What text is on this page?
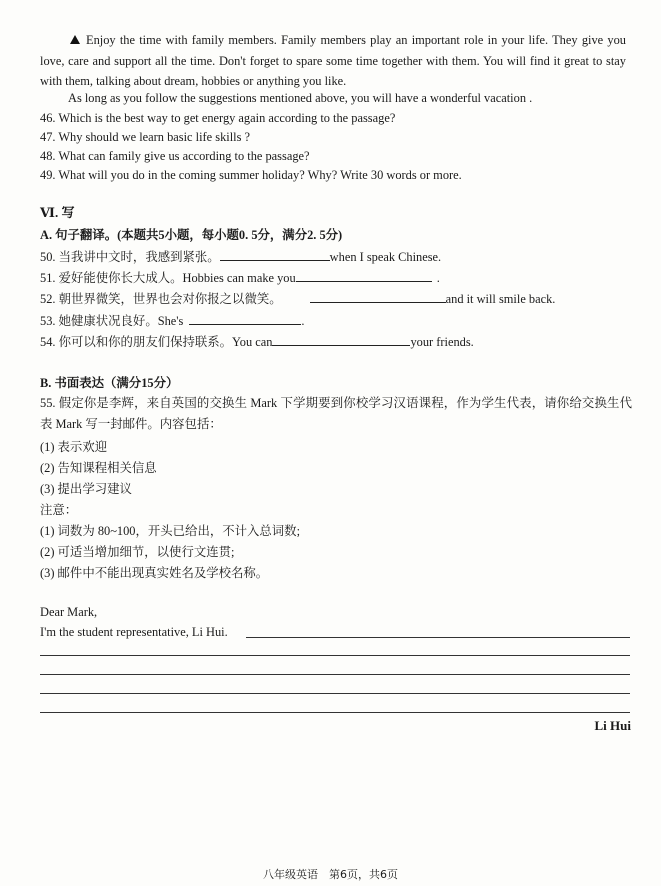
Enjoy the time with family members. Family members play an important role in your life. They give you love, care and support all the time. Don't forget to spare some time together with them. You will find it great to stay with them, talking about dream, hobbies or anything you like.
As long as you follow the suggestions mentioned above, you will have a wonderful vacation .
46. Which is the best way to get energy again according to the passage?
47. Why should we learn basic life skills ?
48. What can family give us according to the passage?
49. What will you do in the coming summer holiday? Why? Write 30 words or more.
Ⅵ. 写
A. 句子翻译。(本题共5小题，每小题0. 5分，满分2. 5分)
50. 当我讲中文时，我感到紧张。	when I speak Chinese.
51. 爱好能使你长大成人。Hobbies can make you	.
52. 朝世界微笑，世界也会对你报之以微笑。	and it will smile back.
53. 她健康状况良好。She's	.
54. 你可以和你的朋友们保持联系。You can	your friends.
B. 书面表达（满分15分）
55. 假定你是李辉，来自英国的交换生 Mark 下学期要到你校学习汉语课程，作为学生代表，请你给交换生代表 Mark 写一封邮件。内容包括：
(1) 表示欢迎
(2) 告知课程相关信息
(3) 提出学习建议
注意：
(1) 词数为 80~100，开头已给出，不计入总词数;
(2) 可适当增加细节，以使行文连贯;
(3) 邮件中不能出现真实姓名及学校名称。
Dear Mark,
I'm the student representative, Li Hui.
Li Hui
八年级英语　第6页，共6页
